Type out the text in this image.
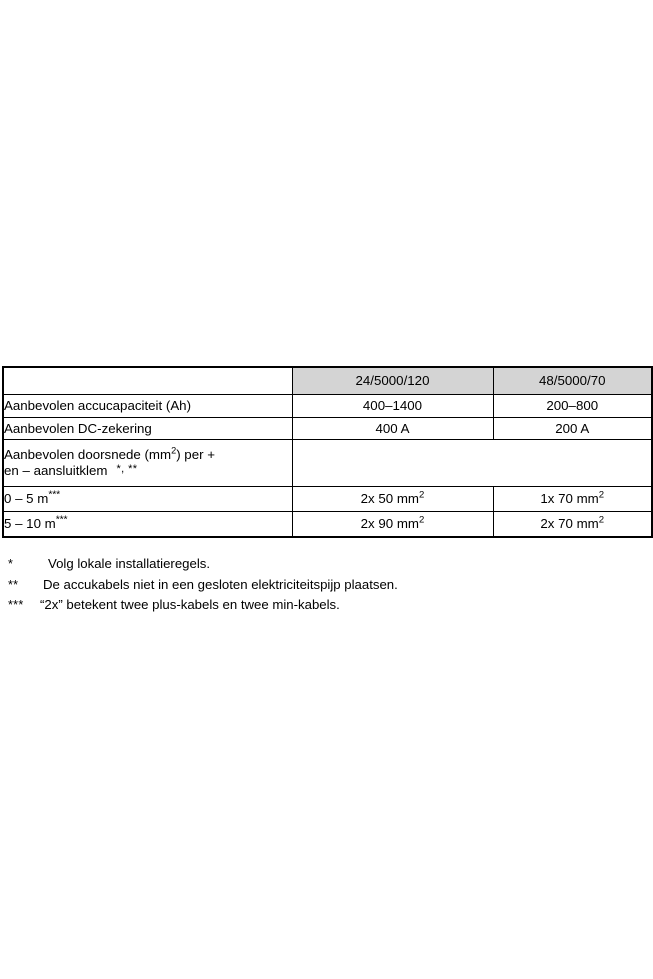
	24/5000/120	48/5000/70
Aanbevolen accucapaciteit (Ah)	400–1400	200–800
Aanbevolen DC-zekering	400 A	200 A
Aanbevolen doorsnede $(mm^2)$ per +
en – aansluitklem *, **	
0 – 5 m***	2x 50 $mm^2$	1x 70 $mm^2$
5 – 10 m***	2x 90 $mm^2$	2x 70 $mm^2$
*	Volg lokale installatieregels.
**	De accukabels niet in een gesloten elektriciteitspijp plaatsen.
***	“2x” betekent twee plus-kabels en twee min-kabels.
